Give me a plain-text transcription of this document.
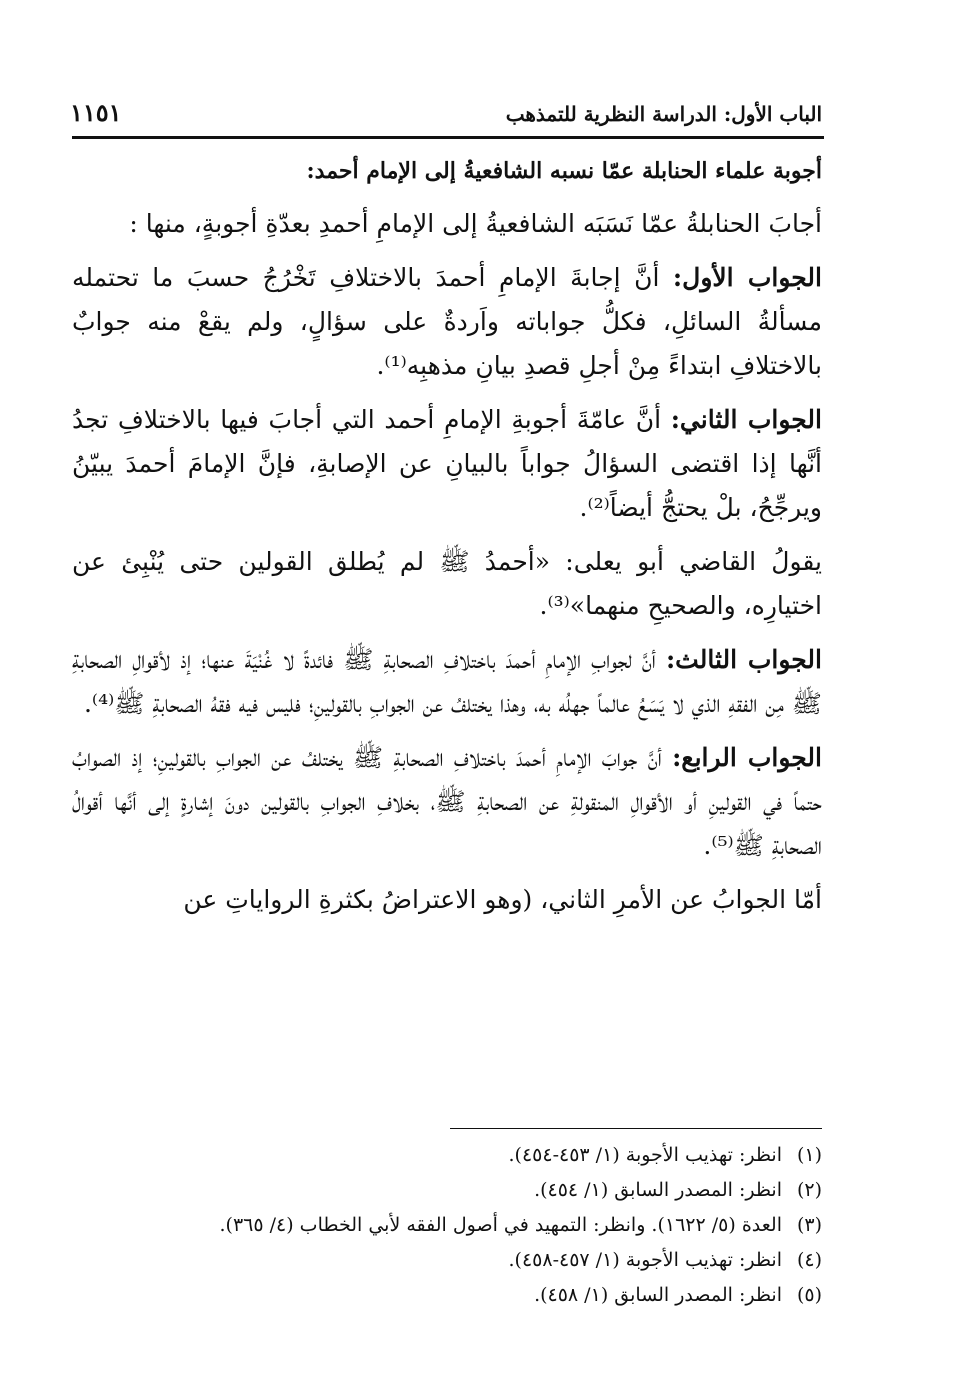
الباب الأول: الدراسة النظرية للتمذهب
١١٥١
أجوبة علماء الحنابلة عمّا نسبه الشافعيةُ إلى الإمام أحمد:

أجابَ الحنابلةُ عمّا نَسَبَه الشافعيةُ إلى الإمامِ أحمدِ بعدّةِ أجوبةٍ، منها :

الجواب الأول: أنَّ إجابةَ الإمامِ أحمدَ بالاختلافِ تَخْرُجُ حسبَ ما تحتمله مسألةُ السائلِ، فكلُّ جواباته واَردةٌ على سؤالٍ، ولم يقعْ منه جوابٌ بالاختلافِ ابتداءً مِنْ أجلِ قصدِ بيانِ مذهبِه⁽¹⁾.

الجواب الثاني: أنَّ عامّةَ أجوبةِ الإمامِ أحمد التي أجابَ فيها بالاختلافِ تجدُ أنَّها إذا اقتضى السؤالُ جواباً بالبيانِ عن الإصابةِ، فإنَّ الإمامَ أحمدَ يبيّنُ ويرجِّحُ، بلْ يحتجُّ أيضاً⁽²⁾.

يقولُ القاضي أبو يعلى: «أحمدُ ﷺ لم يُطلق القولين حتى يُنْبِئ عن اختيارِه، والصحيحِ منهما»⁽³⁾.

الجواب الثالث: أنَّ لجوابِ الإمامِ أحمدَ باختلافِ الصحابةِ ﷺ فائدةً لا غُنْيَةَ عنها؛ إذ لأقوالِ الصحابةِ ﷺ مِن الفقهِ الذي لا يَسَعُ عالماً جهلُه به، وهذا يختلفُ عن الجوابِ بالقولينِ؛ فليس فيه فقهُ الصحابةِ ﷺ⁽⁴⁾.

الجواب الرابع: أنَّ جوابَ الإمامِ أحمدَ باختلافِ الصحابةِ ﷺ يختلفُ عن الجوابِ بالقولينِ؛ إذ الصوابُ حتماً في القولينِ أو الأقوالِ المنقولةِ عن الصحابةِ ﷺ، بخلافِ الجوابِ بالقولين دونَ إشارةٍ إلى أنَّها أقوالُ الصحابةِ ﷺ⁽⁵⁾.

أمّا الجوابُ عن الأمرِ الثاني، (وهو الاعتراضُ بكثرةِ الرواياتِ عن

(١)انظر: تهذيب الأجوبة (١/ ٤٥٣-٤٥٤).
(٢)انظر: المصدر السابق (١/ ٤٥٤).
(٣)العدة (٥/ ١٦٢٢). وانظر: التمهيد في أصول الفقه لأبي الخطاب (٤/ ٣٦٥).
(٤)انظر: تهذيب الأجوبة (١/ ٤٥٧-٤٥٨).
(٥)انظر: المصدر السابق (١/ ٤٥٨).
